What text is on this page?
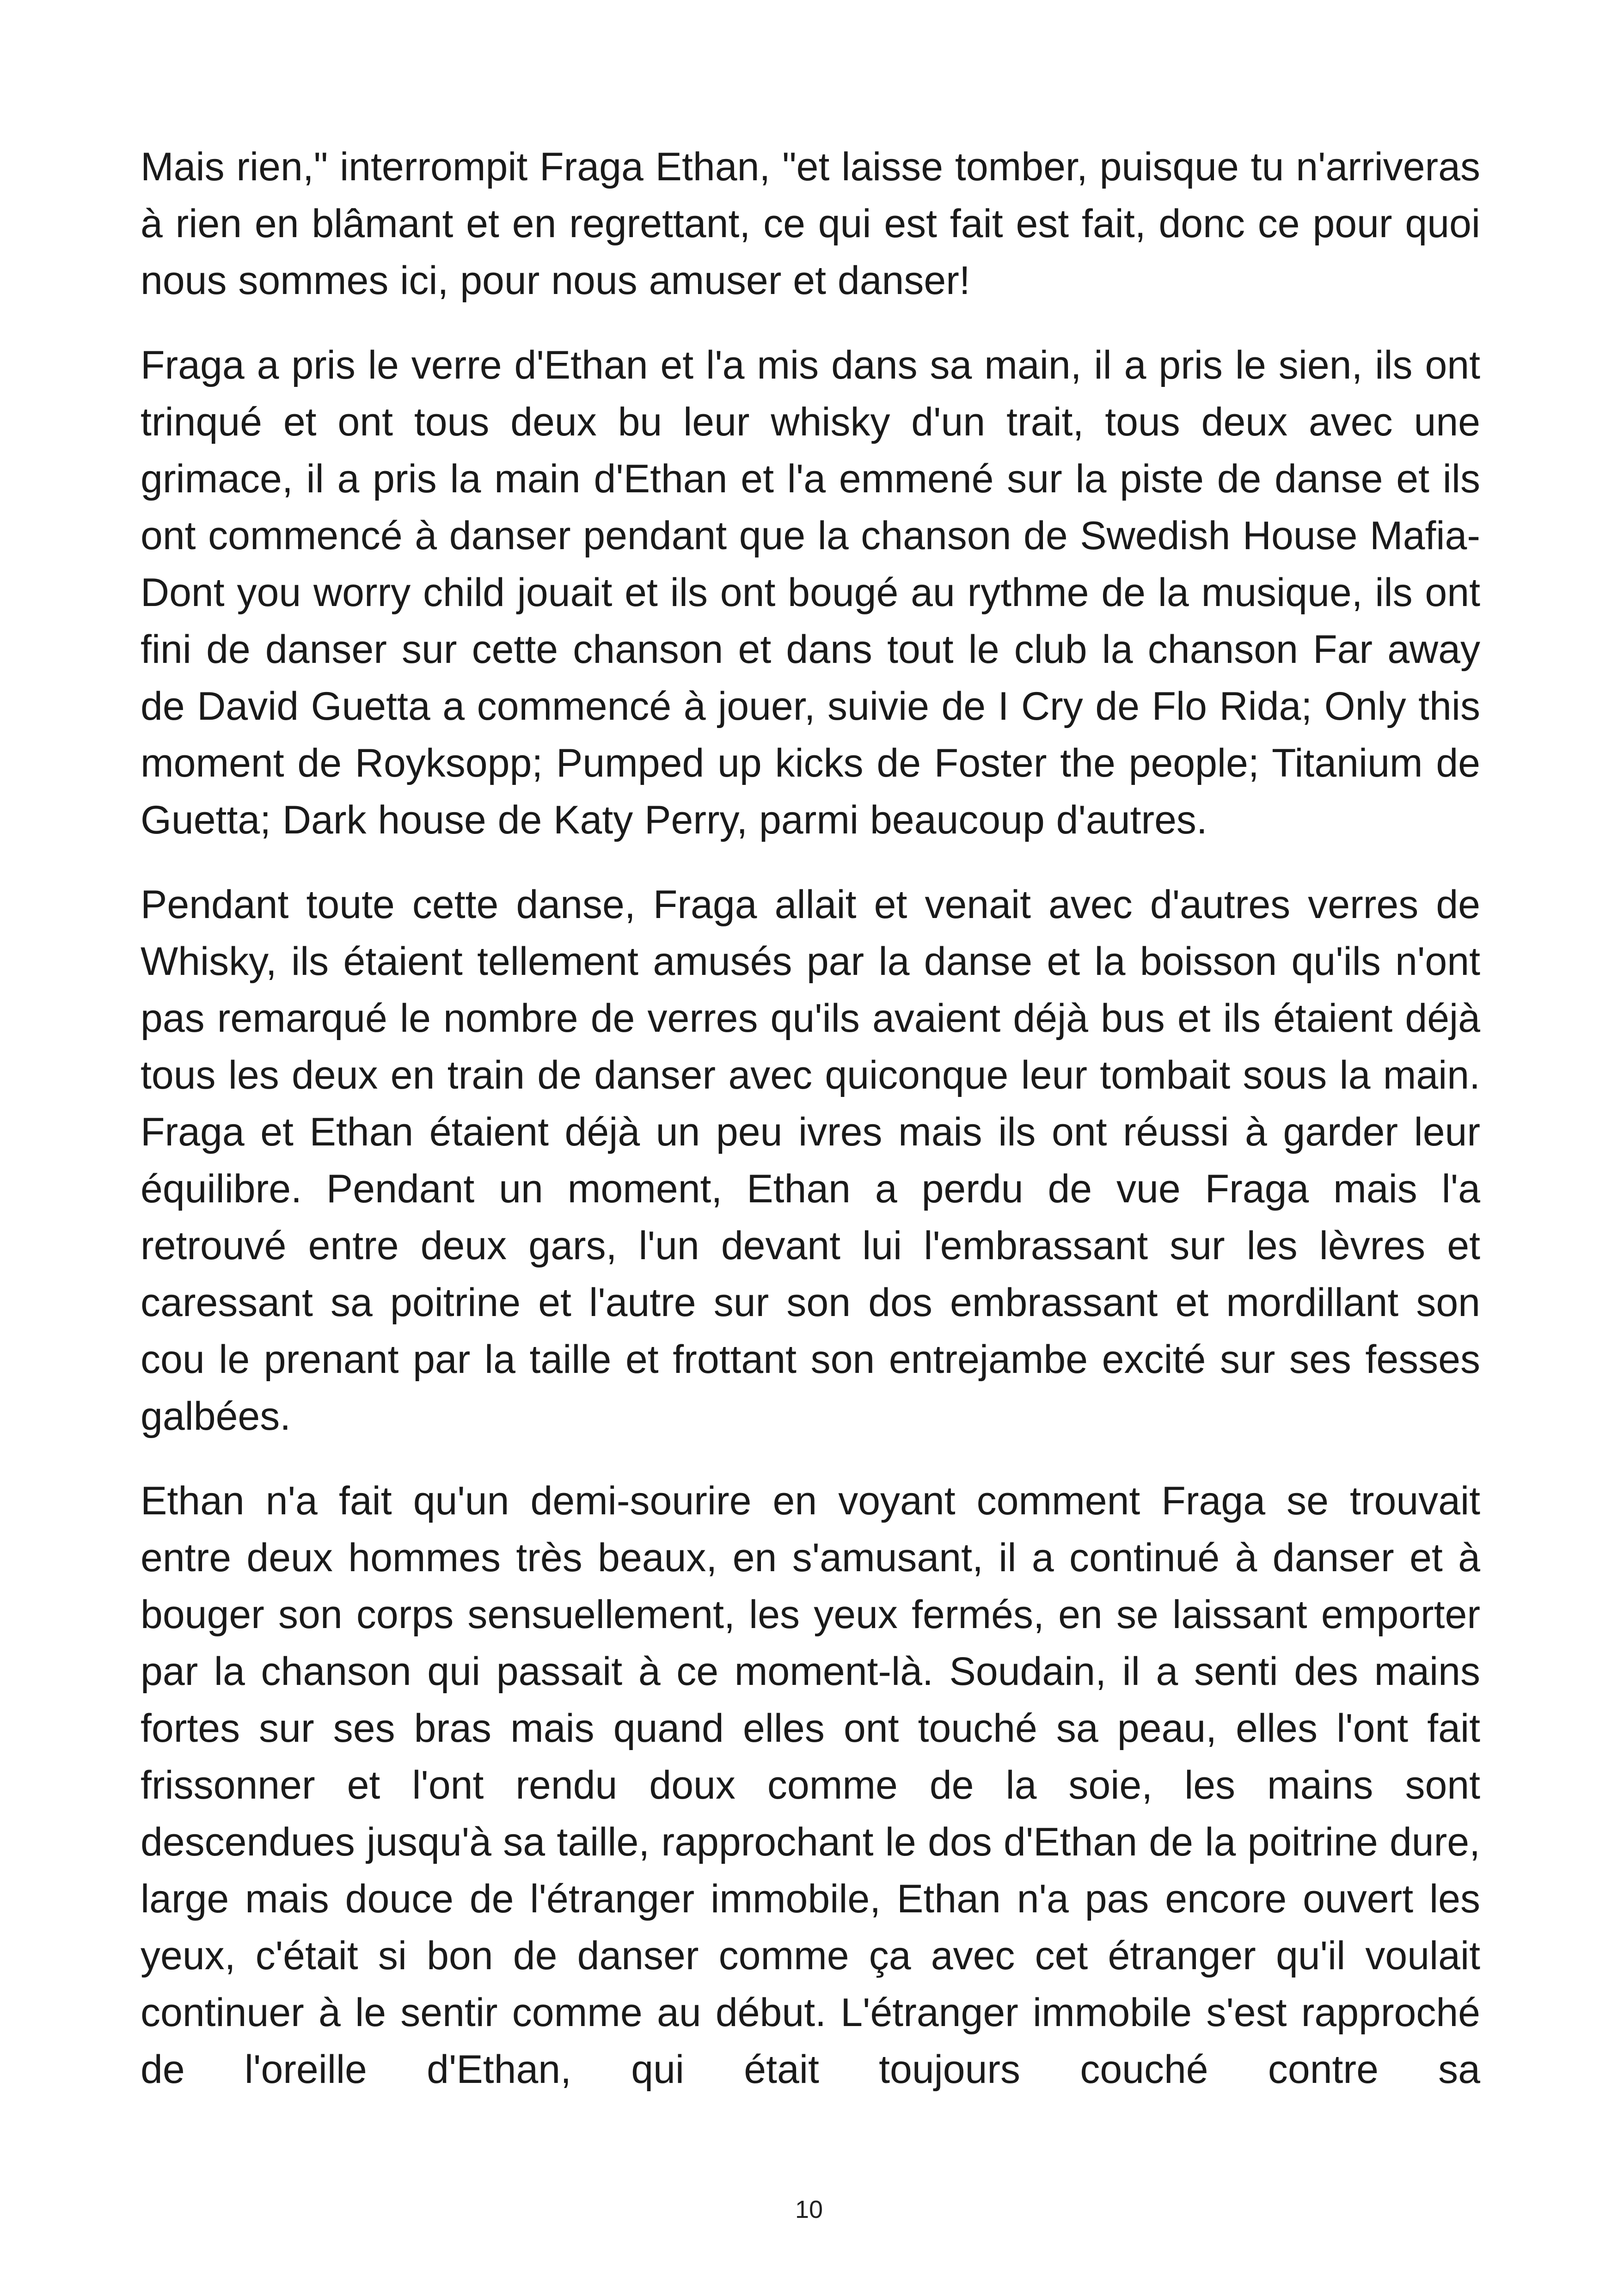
Mais rien," interrompit Fraga Ethan, "et laisse tomber, puisque tu n'arriveras à rien en blâmant et en regrettant, ce qui est fait est fait, donc ce pour quoi nous sommes ici, pour nous amuser et danser!

Fraga a pris le verre d'Ethan et l'a mis dans sa main, il a pris le sien, ils ont trinqué et ont tous deux bu leur whisky d'un trait, tous deux avec une grimace, il a pris la main d'Ethan et l'a emmené sur la piste de danse et ils ont commencé à danser pendant que la chanson de Swedish House Mafia- Dont you worry child jouait et ils ont bougé au rythme de la musique, ils ont fini de danser sur cette chanson et dans tout le club la chanson Far away de David Guetta a commencé à jouer, suivie de I Cry de Flo Rida; Only this moment de Royksopp; Pumped up kicks de Foster the people; Titanium de Guetta; Dark house de Katy Perry, parmi beaucoup d'autres.

Pendant toute cette danse, Fraga allait et venait avec d'autres verres de Whisky, ils étaient tellement amusés par la danse et la boisson qu'ils n'ont pas remarqué le nombre de verres qu'ils avaient déjà bus et ils étaient déjà tous les deux en train de danser avec quiconque leur tombait sous la main. Fraga et Ethan étaient déjà un peu ivres mais ils ont réussi à garder leur équilibre. Pendant un moment, Ethan a perdu de vue Fraga mais l'a retrouvé entre deux gars, l'un devant lui l'embrassant sur les lèvres et caressant sa poitrine et l'autre sur son dos embrassant et mordillant son cou le prenant par la taille et frottant son entrejambe excité sur ses fesses galbées.

Ethan n'a fait qu'un demi-sourire en voyant comment Fraga se trouvait entre deux hommes très beaux, en s'amusant, il a continué à danser et à bouger son corps sensuellement, les yeux fermés, en se laissant emporter par la chanson qui passait à ce moment-là. Soudain, il a senti des mains fortes sur ses bras mais quand elles ont touché sa peau, elles l'ont fait frissonner et l'ont rendu doux comme de la soie, les mains sont descendues jusqu'à sa taille, rapprochant le dos d'Ethan de la poitrine dure, large mais douce de l'étranger immobile, Ethan n'a pas encore ouvert les yeux, c'était si bon de danser comme ça avec cet étranger qu'il voulait continuer à le sentir comme au début. L'étranger immobile s'est rapproché de l'oreille d'Ethan, qui était toujours couché contre sa

10
